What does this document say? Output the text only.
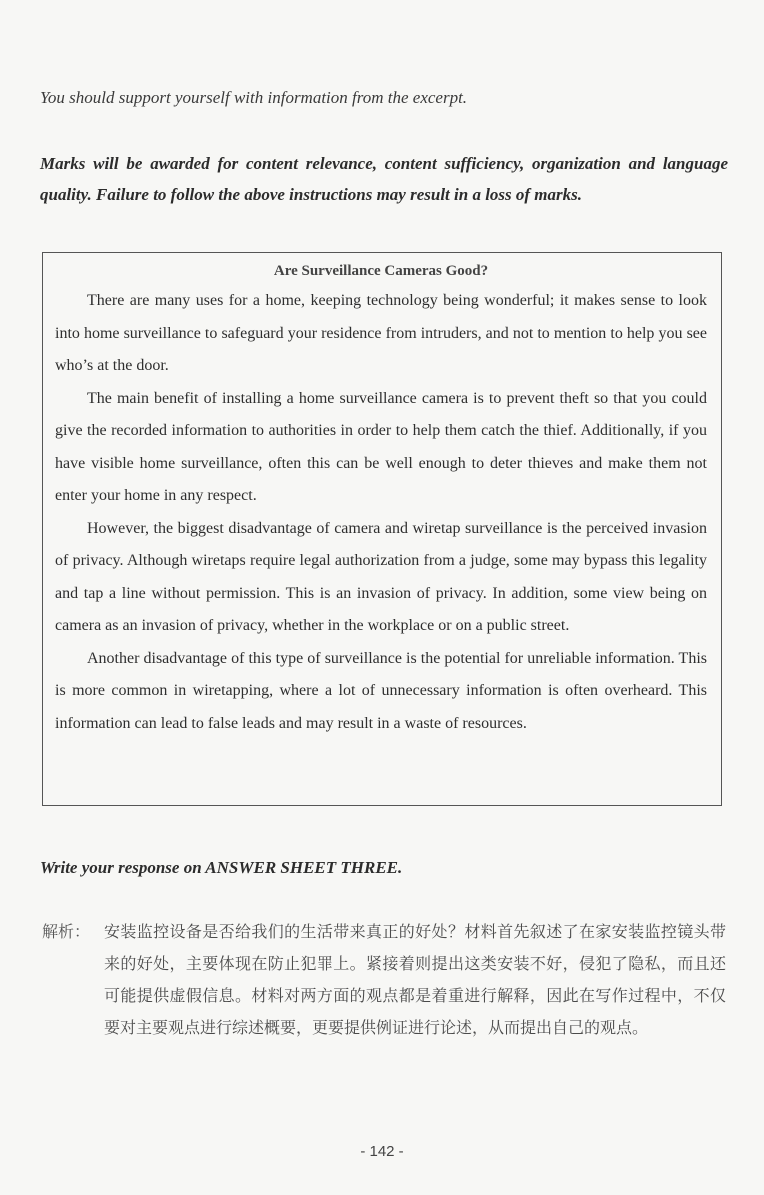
You should support yourself with information from the excerpt.
Marks will be awarded for content relevance, content sufficiency, organization and language quality. Failure to follow the above instructions may result in a loss of marks.
Are Surveillance Cameras Good?

There are many uses for a home, keeping technology being wonderful; it makes sense to look into home surveillance to safeguard your residence from intruders, and not to mention to help you see who’s at the door.

The main benefit of installing a home surveillance camera is to prevent theft so that you could give the recorded information to authorities in order to help them catch the thief. Additionally, if you have visible home surveillance, often this can be well enough to deter thieves and make them not enter your home in any respect.

However, the biggest disadvantage of camera and wiretap surveillance is the perceived invasion of privacy. Although wiretaps require legal authorization from a judge, some may bypass this legality and tap a line without permission. This is an invasion of privacy. In addition, some view being on camera as an invasion of privacy, whether in the workplace or on a public street.

Another disadvantage of this type of surveillance is the potential for unreliable information. This is more common in wiretapping, where a lot of unnecessary information is often overheard. This information can lead to false leads and may result in a waste of resources.

Write your response on ANSWER SHEET THREE.
解析： 安装监控设备是否给我们的生活带来真正的好处？材料首先叙述了在家安装监控镜头带来的好处，主要体现在防止犯罪上。紧接着则提出这类安装不好，侵犯了隐私，而且还可能提供虚假信息。材料对两方面的观点都是着重进行解释，因此在写作过程中，不仅要对主要观点进行综述概要，更要提供例证进行论述，从而提出自己的观点。
- 142 -
